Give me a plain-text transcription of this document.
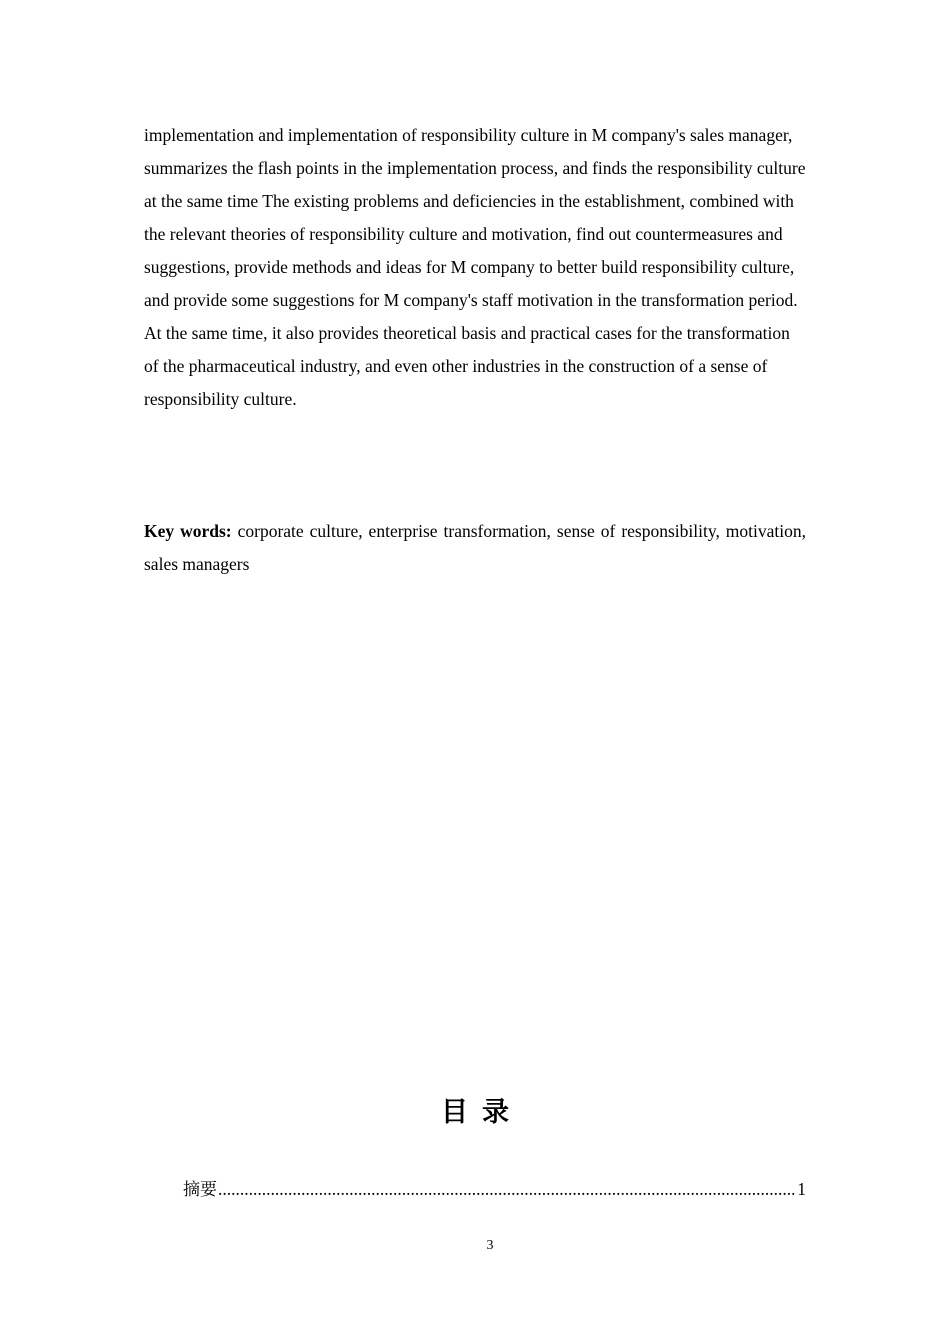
implementation and implementation of responsibility culture in M company's sales manager, summarizes the flash points in the implementation process, and finds the responsibility culture at the same time The existing problems and deficiencies in the establishment, combined with the relevant theories of responsibility culture and motivation, find out countermeasures and suggestions, provide methods and ideas for M company to better build responsibility culture, and provide some suggestions for M company's staff motivation in the transformation period. At the same time, it also provides theoretical basis and practical cases for the transformation of the pharmaceutical industry, and even other industries in the construction of a sense of responsibility culture.

Key words: corporate culture, enterprise transformation, sense of responsibility, motivation, sales managers

目录
摘要
.....	1
3
